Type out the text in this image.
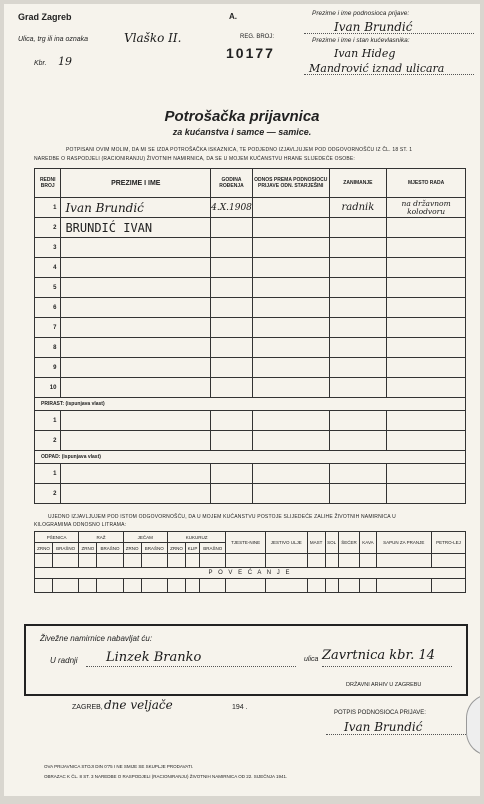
Grad Zagreb	A.	Prezime i ime podnosioca prijave:
Ivan Brundić
Ulica, trg ili ina oznaka	Vlaško II.	REG. BROJ:
10177
Prezime i ime i stan kućevlasnika:
Ivan Hideg
Mandrović iznad ulicara
Kbr. 19
Potrošačka prijavnica
za kućanstva i samce — samice.
POTPISANI OVIM MOLIM, DA MI SE IZDA POTROŠAČKA ISKAZNICA, TE PODJEDNO IZJAVLJUJEM POD ODGOVORNOŠĆU IZ ČL. 18 ST. 1
NAREDBE O RASPODJELI (RACIONIRANJU) ŽIVOTNIH NAMIRNICA, DA SE U MOJEM KUĆANSTVU HRANE SLIJEDEĆE OSOBE:
REDNI BROJ	PREZIME I IME	GODINA ROĐENJA	ODNOS PREMA PODNOSIOCU PRIJAVE ODN. STARJEŠINI	ZANIMANJE	MJESTO RADA
1	Ivan Brundić	4.X.1908		radnik	na državnom kolodvoru
2	BRUNDIĆ IVAN				
3					
4					
5					
6					
7					
8					
9					
10					
PRIRAST: (ispunjava vlast)					
1					
2					
ODPAD: (ispunjava vlast)					
1					
2					
UJEDNO IZJAVLJUJEM POD ISTOM ODGOVORNOŠĆU, DA U MOJEM KUĆANSTVU POSTOJE SLIJEDEĆE ZALIHE ŽIVOTNIH NAMIRNICA U
KILOGRAMIMA ODNOSNO LITRAMA:
PŠENICA		RAŽ		JEČAM		KUKURUZ			TJESTE-NINE	JESTIVO ULJE	MAST	SOL	ŠEĆER	KAVA	SAPUN ZA PRANJE	PETRO-LEJ
ZRNO	BRAŠNO	ZRNO	BRAŠNO	ZRNO	BRAŠNO	ZRNO	KLIP	BRAŠNO								

P O V E Ć A N J E																

Živežne namirnice nabavljat ću:
U radnji Linzek Branko	ulica Zavrtnica kbr. 14
DRŽAVNI ARHIV U ZAGREBU
ZAGREB, dne veljače	194 .
POTPIS PODNOSIOCA PRIJAVE:
Ivan Brundić
OVA PRIJAVNICA STOJI DIN 0'75 I NE SMIJE SE SKUPLJE PRODAVATI.
OBRAZAC K ČL. 8 ST. 3 NAREDBE O RASPODJELI (RACIONIRANJU) ŽIVOTNIH NAMIRNICA OD 22. SIJEČNJA 1941.
